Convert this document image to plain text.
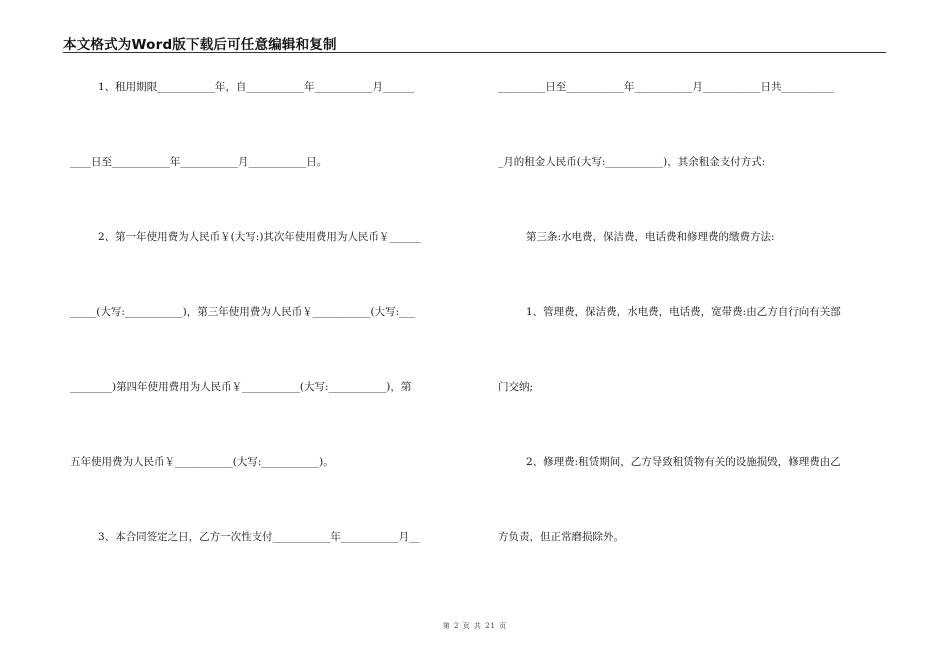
本文格式为Word版下载后可任意编辑和复制
1、租用期限___________年，自___________年___________月______
____日至___________年___________月___________日。
2、第一年使用费为人民币￥(大写:)其次年使用费用为人民币￥______
_____(大写:___________)，第三年使用费为人民币￥___________(大写:___
________)第四年使用费用为人民币￥___________(大写:___________)，第
五年使用费为人民币￥___________(大写:___________)。
3、本合同签定之日，乙方一次性支付___________年___________月__
_________日至___________年___________月___________日共__________
_月的租金人民币(大写:___________)，其余租金支付方式:
第三条:水电费，保洁费，电话费和修理费的缴费方法:
1、管理费，保洁费，水电费，电话费，宽带费:由乙方自行向有关部
门交纳;
2、修理费:租赁期间，乙方导致租赁物有关的设施损毁，修理费由乙
方负责，但正常磨损除外。
第 2 页 共 21 页
